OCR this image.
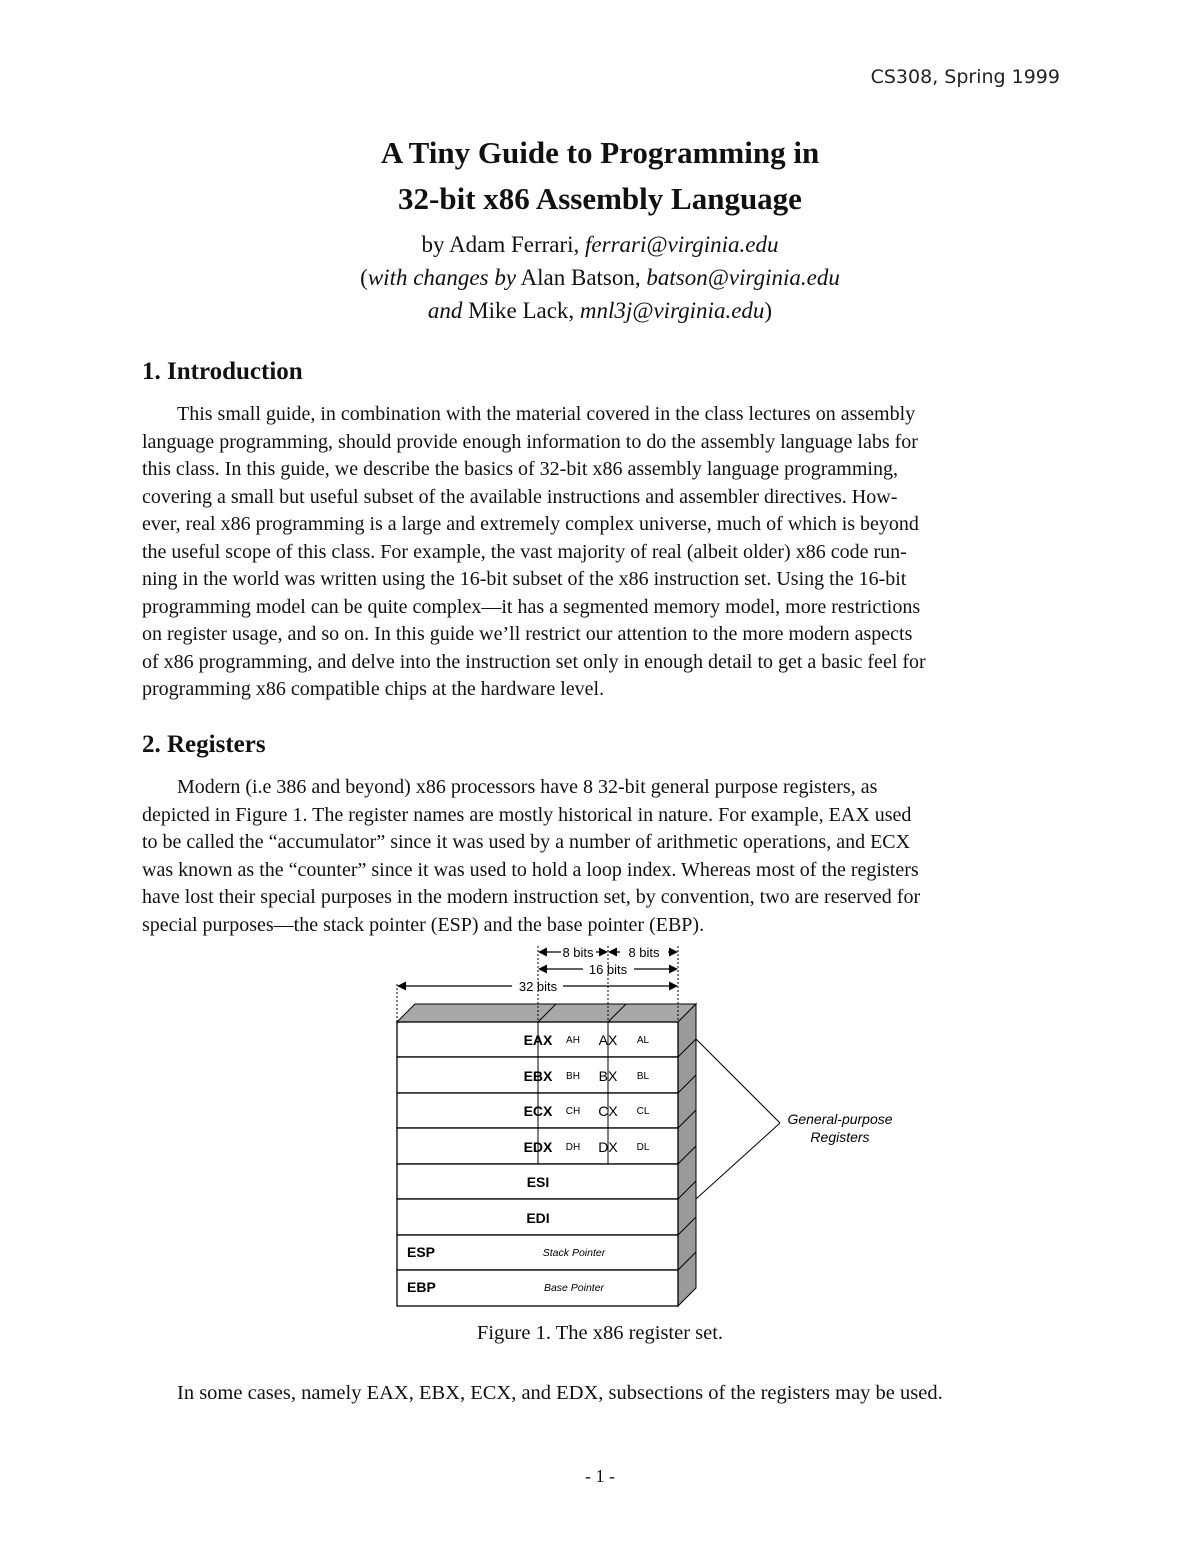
CS308, Spring 1999
A Tiny Guide to Programming in
32-bit x86 Assembly Language
by Adam Ferrari, ferrari@virginia.edu
(with changes by Alan Batson, batson@virginia.edu
and Mike Lack, mnl3j@virginia.edu)
1. Introduction
This small guide, in combination with the material covered in the class lectures on assembly
language programming, should provide enough information to do the assembly language labs for
this class. In this guide, we describe the basics of 32-bit x86 assembly language programming,
covering a small but useful subset of the available instructions and assembler directives. How-
ever, real x86 programming is a large and extremely complex universe, much of which is beyond
the useful scope of this class. For example, the vast majority of real (albeit older) x86 code run-
ning in the world was written using the 16-bit subset of the x86 instruction set. Using the 16-bit
programming model can be quite complex—it has a segmented memory model, more restrictions
on register usage, and so on. In this guide we’ll restrict our attention to the more modern aspects
of x86 programming, and delve into the instruction set only in enough detail to get a basic feel for
programming x86 compatible chips at the hardware level.
2. Registers
Modern (i.e 386 and beyond) x86 processors have 8 32-bit general purpose registers, as
depicted in Figure 1. The register names are mostly historical in nature. For example, EAX used
to be called the “accumulator” since it was used by a number of arithmetic operations, and ECX
was known as the “counter” since it was used to hold a loop index. Whereas most of the registers
have lost their special purposes in the modern instruction set, by convention, two are reserved for
special purposes—the stack pointer (ESP) and the base pointer (EBP).
8 bits	8 bits
16 bits
32 bits
EAX
EBX
ECX
EDX
ESI
EDI
ESP
EBP
AX
BX
CX
DX
AH	AL
BH	BL
CH	CL
DH	DL
Stack Pointer
Base Pointer
General-purpose
Registers
Figure 1. The x86 register set.
In some cases, namely EAX, EBX, ECX, and EDX, subsections of the registers may be used.
- 1 -
